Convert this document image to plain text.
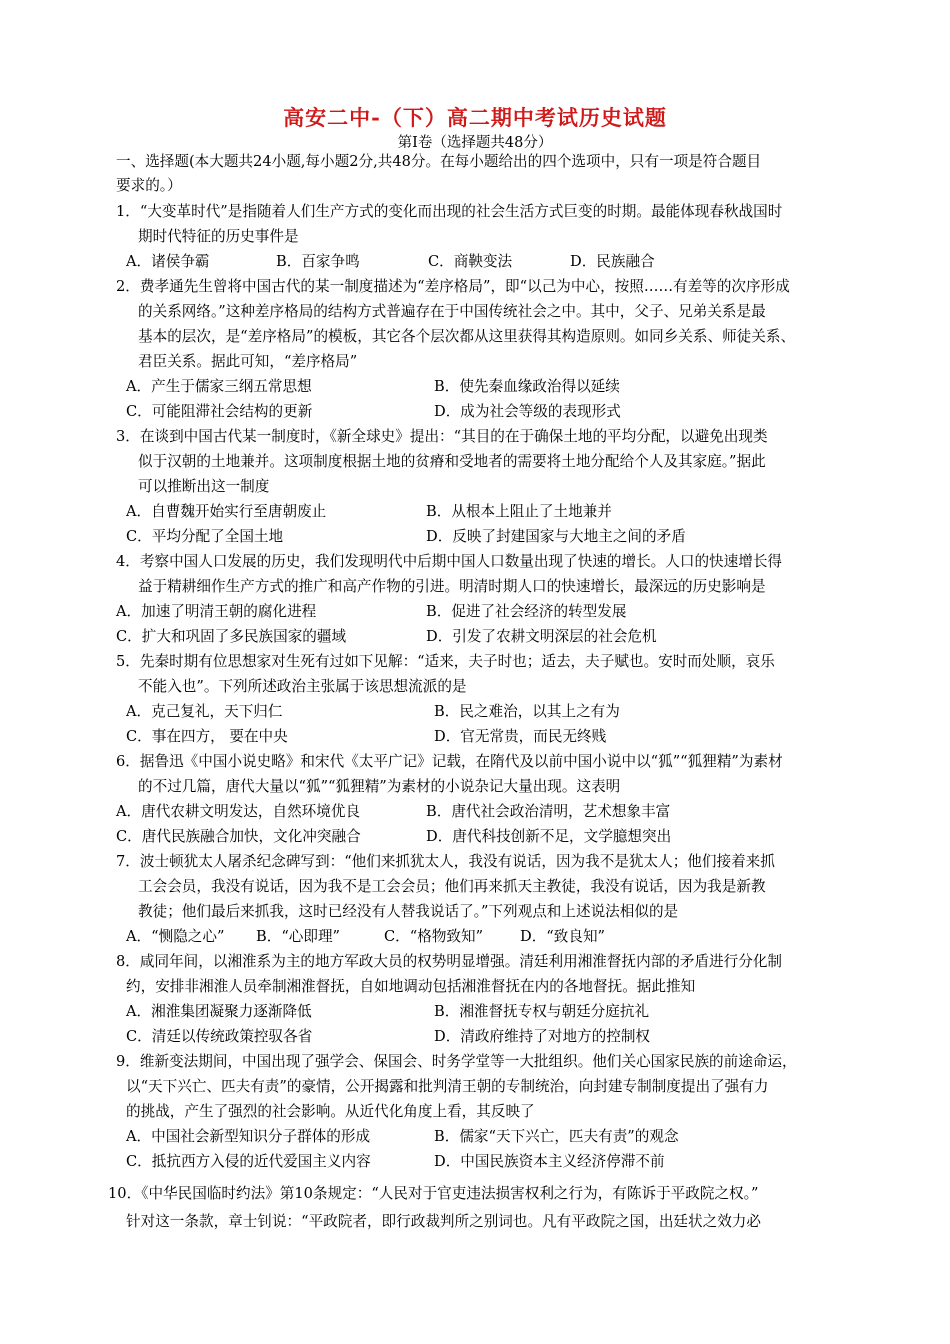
高安二中-（下）高二期中考试历史试题
第Ⅰ卷（选择题共48分）
一、选择题(本大题共24小题,每小题2分,共48分。在每小题给出的四个选项中，只有一项是符合题目
要求的。）
1．“大变革时代”是指随着人们生产方式的变化而出现的社会生活方式巨变的时期。最能体现春秋战国时
期时代特征的历史事件是
A．诸侯争霸	B．百家争鸣	C．商鞅变法	D．民族融合
2．费孝通先生曾将中国古代的某一制度描述为“差序格局”，即“以己为中心，按照……有差等的次序形成
的关系网络。”这种差序格局的结构方式普遍存在于中国传统社会之中。其中，父子、兄弟关系是最
基本的层次，是“差序格局”的模板，其它各个层次都从这里获得其构造原则。如同乡关系、师徒关系、
君臣关系。据此可知，“差序格局”
A．产生于儒家三纲五常思想	B．使先秦血缘政治得以延续
C．可能阻滞社会结构的更新	D．成为社会等级的表现形式
3．在谈到中国古代某一制度时，《新全球史》提出：“其目的在于确保土地的平均分配，以避免出现类
似于汉朝的土地兼并。这项制度根据土地的贫瘠和受地者的需要将土地分配给个人及其家庭。”据此
可以推断出这一制度
A．自曹魏开始实行至唐朝废止	B．从根本上阻止了土地兼并
C．平均分配了全国土地	D．反映了封建国家与大地主之间的矛盾
4．考察中国人口发展的历史，我们发现明代中后期中国人口数量出现了快速的增长。人口的快速增长得
益于精耕细作生产方式的推广和高产作物的引进。明清时期人口的快速增长，最深远的历史影响是
A．加速了明清王朝的腐化进程	B．促进了社会经济的转型发展
C．扩大和巩固了多民族国家的疆域	D．引发了农耕文明深层的社会危机
5．先秦时期有位思想家对生死有过如下见解：“适来，夫子时也；适去，夫子赋也。安时而处顺，哀乐
不能入也”。下列所述政治主张属于该思想流派的是
A．克己复礼，天下归仁	B．民之难治，以其上之有为
C．事在四方， 要在中央	D．官无常贵，而民无终贱
6．据鲁迅《中国小说史略》和宋代《太平广记》记载，在隋代及以前中国小说中以“狐”“狐狸精”为素材
的不过几篇，唐代大量以“狐”“狐狸精”为素材的小说杂记大量出现。这表明
A．唐代农耕文明发达，自然环境优良	B．唐代社会政治清明，艺术想象丰富
C．唐代民族融合加快，文化冲突融合	D．唐代科技创新不足，文学臆想突出
7．波士顿犹太人屠杀纪念碑写到：“他们来抓犹太人，我没有说话，因为我不是犹太人；他们接着来抓
工会会员，我没有说话，因为我不是工会会员；他们再来抓天主教徒，我没有说话，因为我是新教
教徒；他们最后来抓我，这时已经没有人替我说话了。”下列观点和上述说法相似的是
A．“恻隐之心” B．“心即理”	C．“格物致知”	D．“致良知”
8．咸同年间，以湘淮系为主的地方军政大员的权势明显增强。清廷利用湘淮督抚内部的矛盾进行分化制
约，安排非湘淮人员牵制湘淮督抚，自如地调动包括湘淮督抚在内的各地督抚。据此推知
A．湘淮集团凝聚力逐渐降低	B．湘淮督抚专权与朝廷分庭抗礼
C．清廷以传统政策控驭各省	D．清政府维持了对地方的控制权
9．维新变法期间，中国出现了强学会、保国会、时务学堂等一大批组织。他们关心国家民族的前途命运，
以“天下兴亡、匹夫有责”的豪情，公开揭露和批判清王朝的专制统治，向封建专制制度提出了强有力
的挑战，产生了强烈的社会影响。从近代化角度上看，其反映了
A．中国社会新型知识分子群体的形成	B．儒家“天下兴亡，匹夫有责”的观念
C．抵抗西方入侵的近代爱国主义内容	D．中国民族资本主义经济停滞不前
10．《中华民国临时约法》第10条规定：“人民对于官吏违法损害权利之行为，有陈诉于平政院之权。”
针对这一条款，章士钊说：“平政院者，即行政裁判所之别词也。凡有平政院之国，出廷状之效力必
